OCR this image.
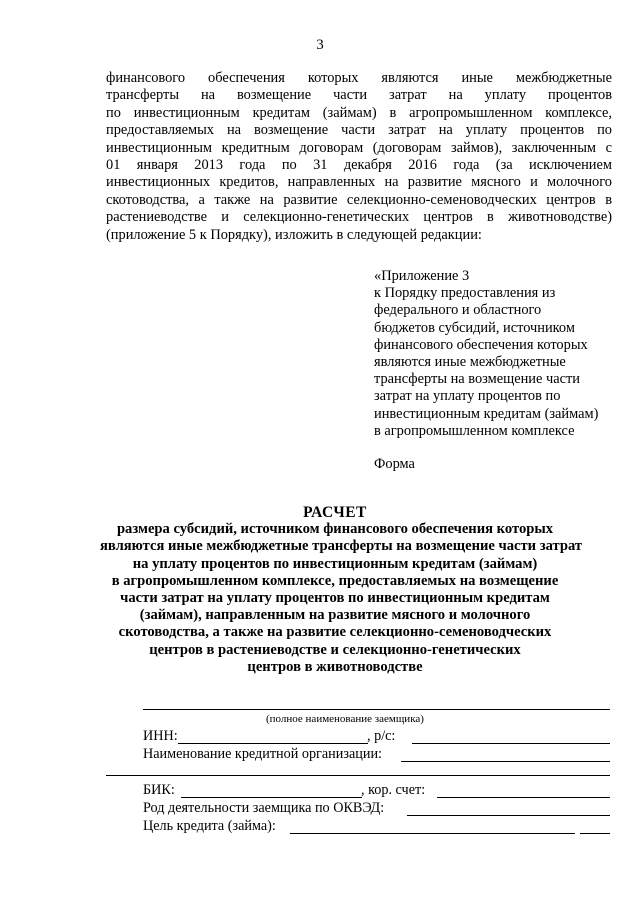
3
финансового обеспечения которых являются иные межбюджетные
трансферты на возмещение части затрат на уплату процентов
по инвестиционным кредитам (займам) в агропромышленном комплексе,
предоставляемых на возмещение части затрат на уплату процентов по
инвестиционным кредитным договорам (договорам займов), заключенным с
01 января 2013 года по 31 декабря 2016 года (за исключением
инвестиционных кредитов, направленных на развитие мясного и молочного
скотоводства, а также на развитие селекционно-семеноводческих центров в
растениеводстве и селекционно-генетических центров в животноводстве)
(приложение 5 к Порядку), изложить в следующей редакции:
«Приложение 3
к Порядку предоставления из
федерального и областного
бюджетов субсидий, источником
финансового обеспечения которых
являются иные межбюджетные
трансферты на возмещение части
затрат на уплату процентов по
инвестиционным кредитам (займам)
в агропромышленном комплексе
Форма
РАСЧЕТ
размера субсидий, источником финансового обеспечения которых
являются иные межбюджетные трансферты на возмещение части затрат
на уплату процентов по инвестиционным кредитам (займам)
в агропромышленном комплексе, предоставляемых на возмещение
части затрат на уплату процентов по инвестиционным кредитам
(займам), направленным на развитие мясного и молочного
скотоводства, а также на развитие селекционно-семеноводческих
центров в растениеводстве и селекционно-генетических
центров в животноводстве
(полное наименование заемщика)
ИНН:	, р/с:
Наименование кредитной организации:
БИК:	, кор. счет:
Род деятельности заемщика по ОКВЭД:
Цель кредита (займа):
